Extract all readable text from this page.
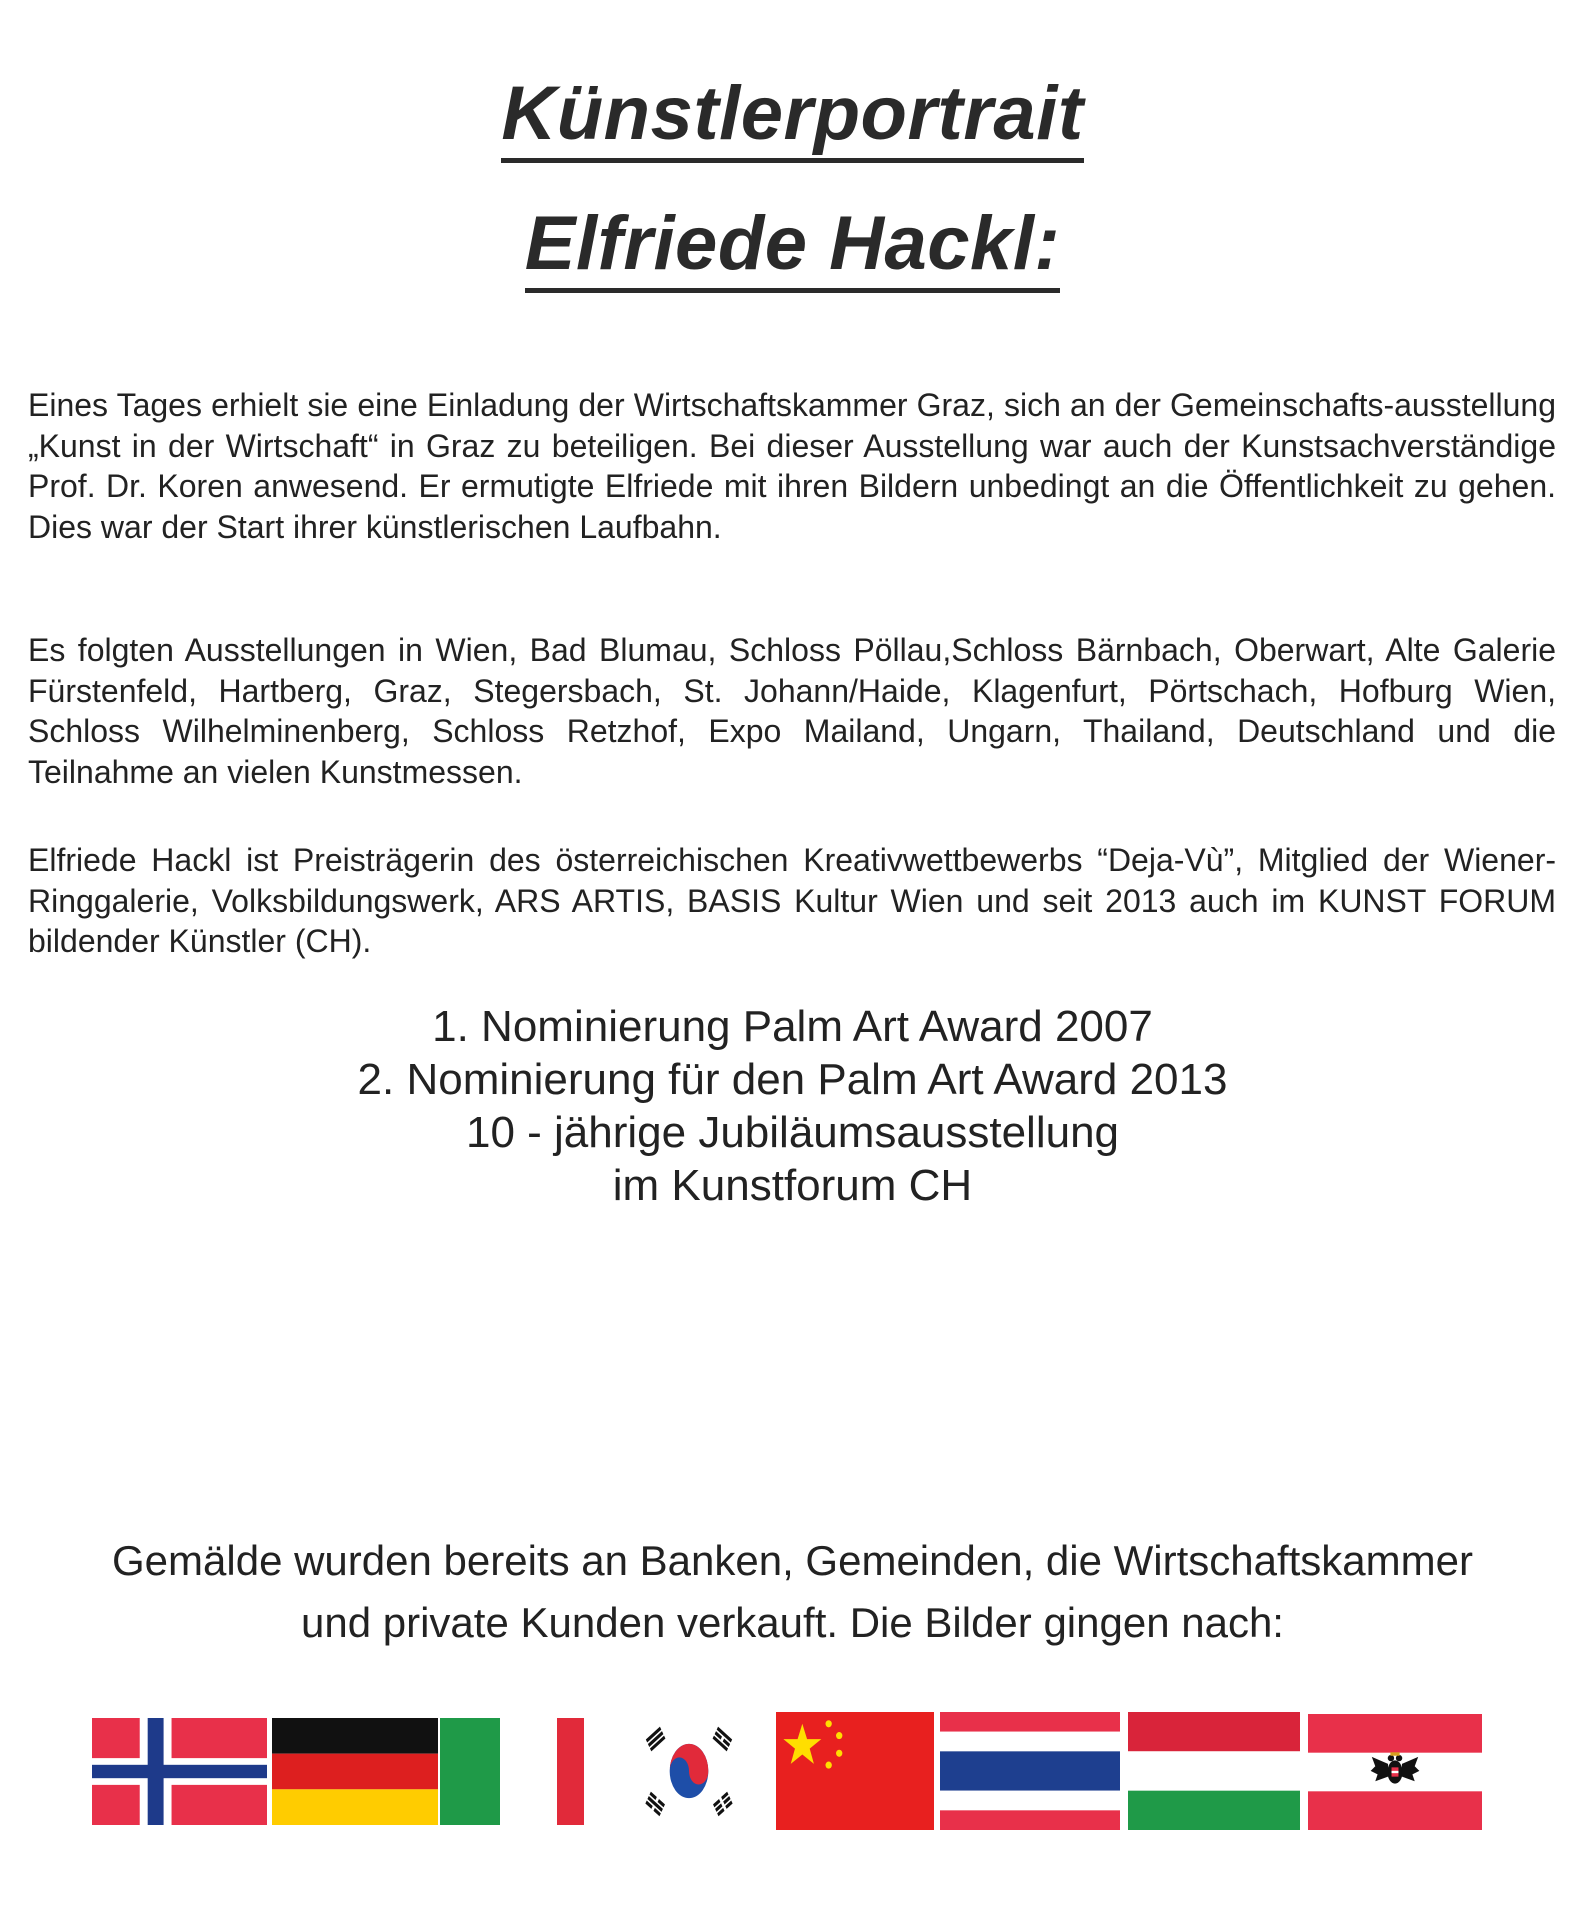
Künstlerportrait
Elfriede Hackl:

Eines Tages erhielt sie eine Einladung der Wirtschaftskammer Graz, sich an der Gemeinschafts-ausstellung „Kunst in der Wirtschaft“ in Graz zu beteiligen. Bei dieser Ausstellung war auch der Kunstsachverständige Prof. Dr. Koren anwesend. Er ermutigte Elfriede mit ihren Bildern unbedingt an die Öffentlichkeit zu gehen. Dies war der Start ihrer künstlerischen Laufbahn.

Es folgten Ausstellungen in Wien, Bad Blumau, Schloss Pöllau,Schloss Bärnbach, Oberwart, Alte Galerie Fürstenfeld, Hartberg, Graz, Stegersbach, St. Johann/Haide, Klagenfurt, Pörtschach, Hofburg Wien, Schloss Wilhelminenberg, Schloss Retzhof, Expo Mailand, Ungarn, Thailand, Deutschland und die Teilnahme an vielen Kunstmessen.

Elfriede Hackl ist Preisträgerin des österreichischen Kreativwettbewerbs “Deja-Vù”, Mitglied der Wiener-Ringgalerie, Volksbildungswerk, ARS ARTIS, BASIS Kultur Wien und seit 2013 auch im KUNST FORUM bildender Künstler (CH).

1. Nominierung Palm Art Award 2007
2. Nominierung für den Palm Art Award 2013
10 - jährige Jubiläumsausstellung
im Kunstforum CH
Gemälde wurden bereits an Banken, Gemeinden, die Wirtschaftskammer
und private Kunden verkauft. Die Bilder gingen nach:
